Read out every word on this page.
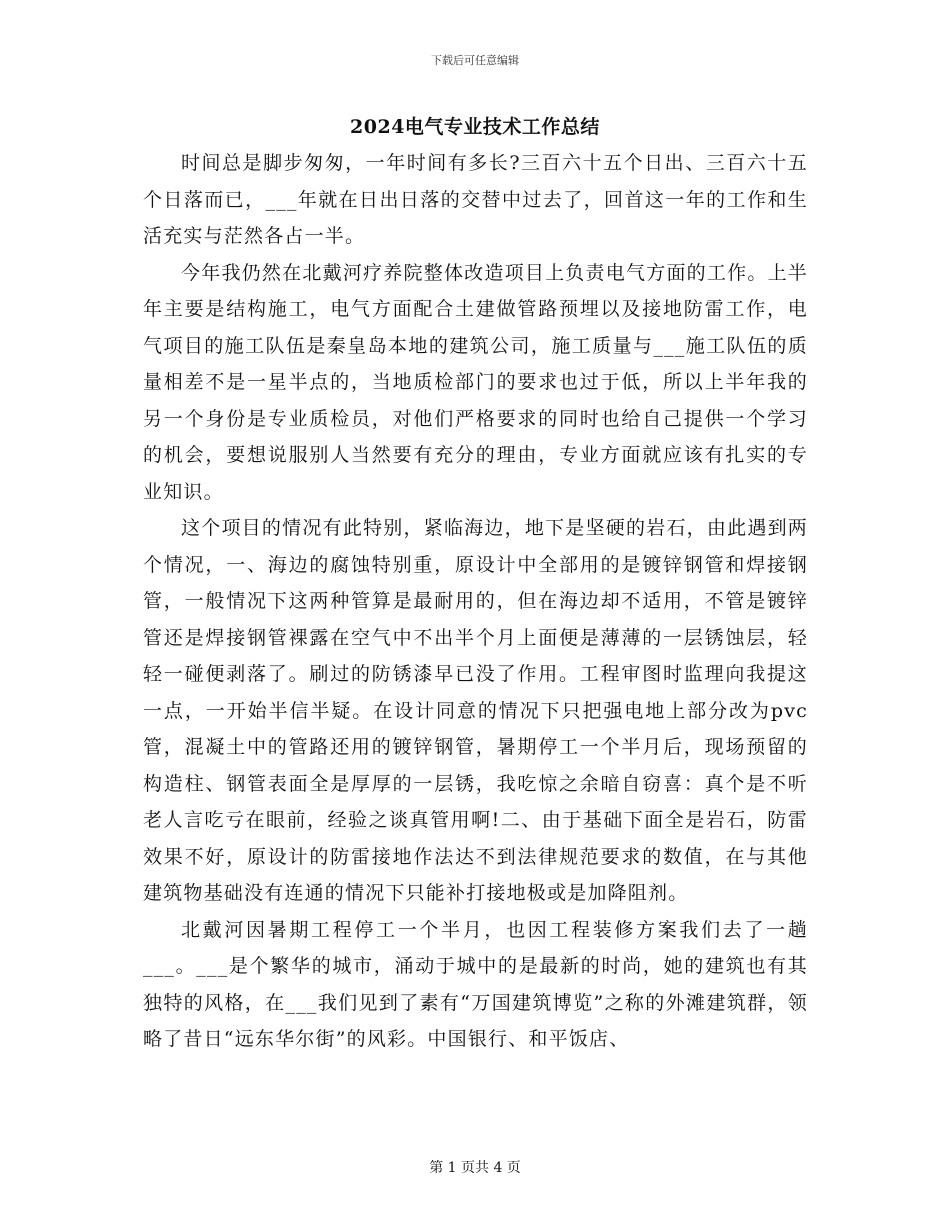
下载后可任意编辑
2024电气专业技术工作总结

时间总是脚步匆匆，一年时间有多长?三百六十五个日出、三百六十五个日落而已，___年就在日出日落的交替中过去了，回首这一年的工作和生活充实与茫然各占一半。

今年我仍然在北戴河疗养院整体改造项目上负责电气方面的工作。上半年主要是结构施工，电气方面配合土建做管路预埋以及接地防雷工作，电气项目的施工队伍是秦皇岛本地的建筑公司，施工质量与___施工队伍的质量相差不是一星半点的，当地质检部门的要求也过于低，所以上半年我的另一个身份是专业质检员，对他们严格要求的同时也给自己提供一个学习的机会，要想说服别人当然要有充分的理由，专业方面就应该有扎实的专业知识。

这个项目的情况有此特别，紧临海边，地下是坚硬的岩石，由此遇到两个情况，一、海边的腐蚀特别重，原设计中全部用的是镀锌钢管和焊接钢管，一般情况下这两种管算是最耐用的，但在海边却不适用，不管是镀锌管还是焊接钢管裸露在空气中不出半个月上面便是薄薄的一层锈蚀层，轻轻一碰便剥落了。刷过的防锈漆早已没了作用。工程审图时监理向我提这一点，一开始半信半疑。在设计同意的情况下只把强电地上部分改为pvc管，混凝土中的管路还用的镀锌钢管，暑期停工一个半月后，现场预留的构造柱、钢管表面全是厚厚的一层锈，我吃惊之余暗自窃喜：真个是不听老人言吃亏在眼前，经验之谈真管用啊!二、由于基础下面全是岩石，防雷效果不好，原设计的防雷接地作法达不到法律规范要求的数值，在与其他建筑物基础没有连通的情况下只能补打接地极或是加降阻剂。

北戴河因暑期工程停工一个半月，也因工程装修方案我们去了一趟___。___是个繁华的城市，涌动于城中的是最新的时尚，她的建筑也有其独特的风格，在___我们见到了素有“万国建筑博览”之称的外滩建筑群，领略了昔日“远东华尔街”的风彩。中国银行、和平饭店、

第 1 页共 4 页
